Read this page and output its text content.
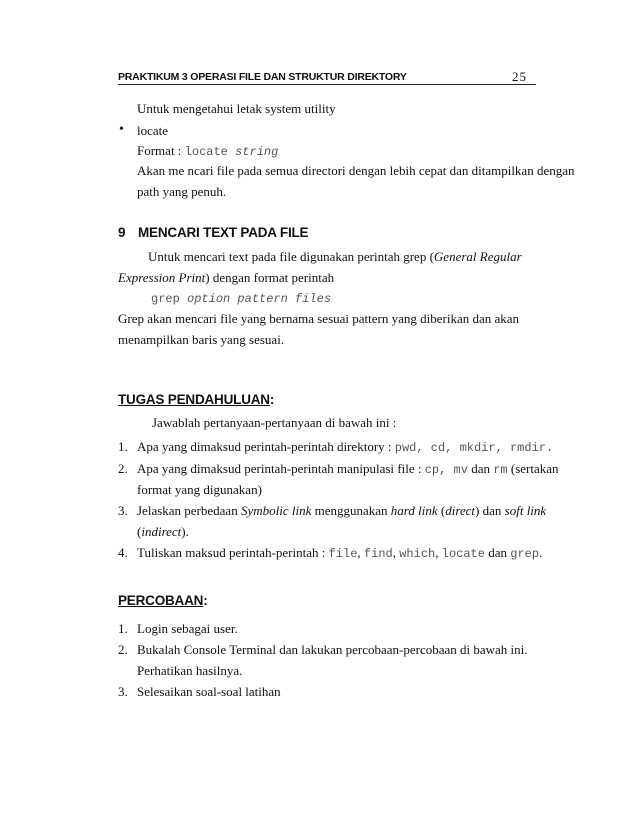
PRAKTIKUM 3 OPERASI FILE DAN STRUKTUR DIREKTORY	25
Untuk mengetahui letak system utility
• locate
Format : locate string
Akan me ncari file pada semua directori dengan lebih cepat dan ditampilkan dengan
path yang penuh.
9 MENCARI TEXT PADA FILE
Untuk mencari text pada file digunakan perintah grep (General Regular
Expression Print) dengan format perintah
grep option pattern files
Grep akan mencari file yang bernama sesuai pattern yang diberikan dan akan
menampilkan baris yang sesuai.
TUGAS PENDAHULUAN:
Jawablah pertanyaan-pertanyaan di bawah ini :
1. Apa yang dimaksud perintah-perintah direktory : pwd, cd, mkdir, rmdir.
2. Apa yang dimaksud perintah-perintah manipulasi file : cp, mv dan rm (sertakan
format yang digunakan)
3. Jelaskan perbedaan Symbolic link menggunakan hard link (direct) dan soft link
(indirect).
4. Tuliskan maksud perintah-perintah : file, find, which, locate dan grep.
PERCOBAAN:
1. Login sebagai user.
2. Bukalah Console Terminal dan lakukan percobaan-percobaan di bawah ini.
Perhatikan hasilnya.
3. Selesaikan soal-soal latihan
